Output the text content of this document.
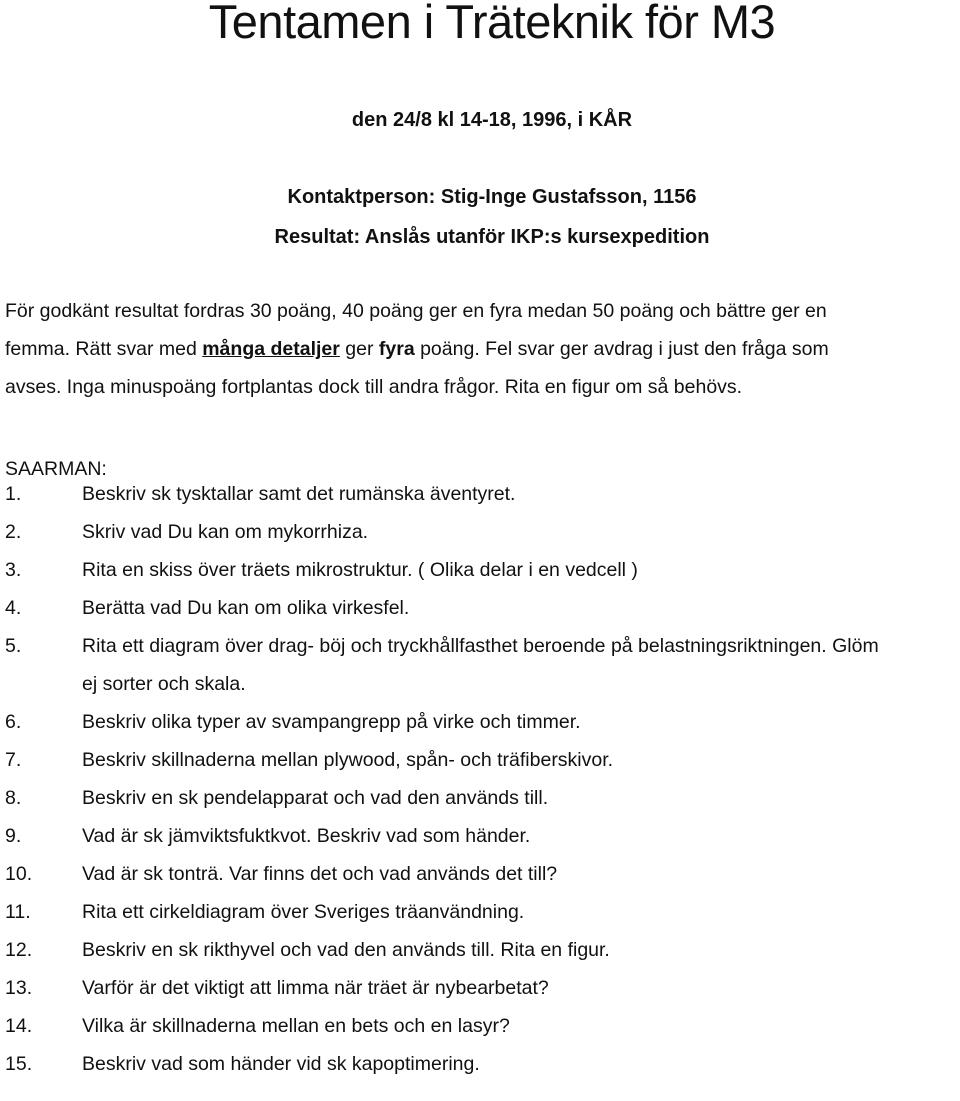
Tentamen i Träteknik för M3
den 24/8 kl 14-18, 1996, i KÅR
Kontaktperson: Stig-Inge Gustafsson, 1156
Resultat: Anslås utanför IKP:s kursexpedition
För godkänt resultat fordras 30 poäng, 40 poäng ger en fyra medan 50 poäng och bättre ger en
femma. Rätt svar med många detaljer ger fyra poäng. Fel svar ger avdrag i just den fråga som
avses. Inga minuspoäng fortplantas dock till andra frågor. Rita en figur om så behövs.
SAARMAN:
1.	Beskriv sk tysktallar samt det rumänska äventyret.
2.	Skriv vad Du kan om mykorrhiza.
3.	Rita en skiss över träets mikrostruktur. ( Olika delar i en vedcell )
4.	Berätta vad Du kan om olika virkesfel.
5.	Rita ett diagram över drag- böj och tryckhållfasthet beroende på belastningsriktningen. Glöm
ej sorter och skala.
6.	Beskriv olika typer av svampangrepp på virke och timmer.
7.	Beskriv skillnaderna mellan plywood, spån- och träfiberskivor.
8.	Beskriv en sk pendelapparat och vad den används till.
9.	Vad är sk jämviktsfuktkvot. Beskriv vad som händer.
10.	Vad är sk tonträ. Var finns det och vad används det till?
11.	Rita ett cirkeldiagram över Sveriges träanvändning.
12.	Beskriv en sk rikthyvel och vad den används till. Rita en figur.
13.	Varför är det viktigt att limma när träet är nybearbetat?
14.	Vilka är skillnaderna mellan en bets och en lasyr?
15.	Beskriv vad som händer vid sk kapoptimering.
